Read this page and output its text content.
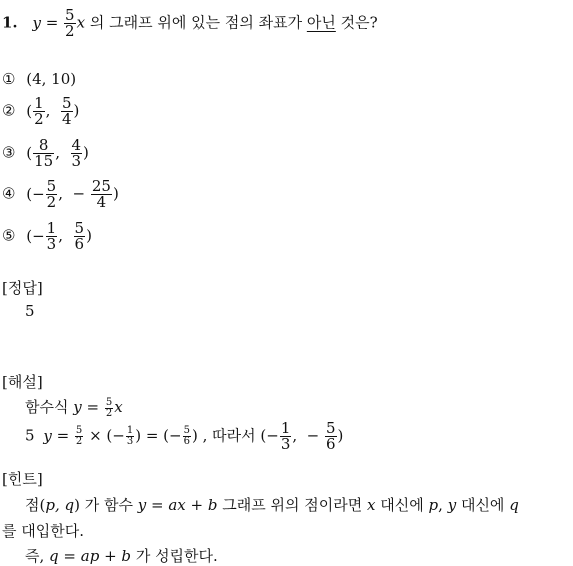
1. $y = \frac{5}{2}$ x 의 그래프 위에 있는 점의 좌표가 아닌 것은?
① (4, 10)
② ( $\frac{1}{2}$ , $\frac{5}{4}$ )
③ ( $\frac{8}{15}$ , $\frac{4}{3}$ )
④ (− $\frac{5}{2}$ ,  − $\frac{25}{4}$ )
⑤ (− $\frac{1}{3}$ , $\frac{5}{6}$ )
[정답]
5
[해설]
함수식 $y = \frac{5}{2}$ x
5 $y = \frac{5}{2}$ × (− $\frac{1}{3}$ ) = (− $\frac{5}{6}$ ) , 따라서 (− $\frac{1}{3}$ ,  − $\frac{5}{6}$ )
[힌트]
점(p, q) 가 함수 y = ax + b 그래프 위의 점이라면 x 대신에 p, y 대신에 q
를 대입한다.
즉, q = ap + b 가 성립한다.
